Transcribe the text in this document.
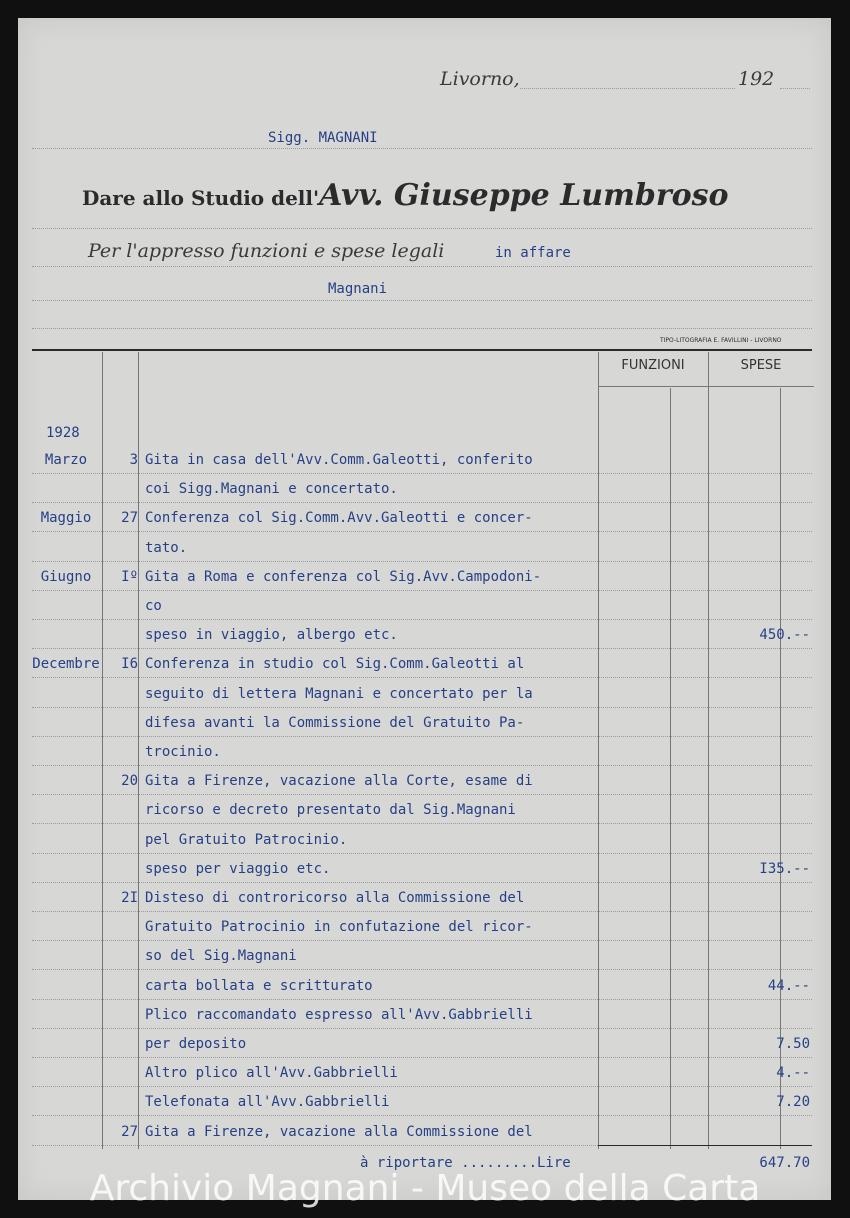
Livorno,	192
Sigg. MAGNANI
Dare allo Studio dell'Avv. Giuseppe Lumbroso
Per l'appresso funzioni e spese legali	in affare
Magnani
TIPO-LITOGRAFIA E. FAVILLINI - LIVORNO
FUNZIONI	SPESE
1928
Marzo	3 Gita in casa dell'Avv.Comm.Galeotti, conferito
coi Sigg.Magnani e concertato.
Maggio	27 Conferenza col Sig.Comm.Avv.Galeotti e concer-
tato.
Giugno	Iº Gita a Roma e conferenza col Sig.Avv.Campodoni-
co
speso in viaggio, albergo etc.	450.--
Decembre	I6 Conferenza in studio col Sig.Comm.Galeotti al
seguito di lettera Magnani e concertato per la
difesa avanti la Commissione del Gratuito Pa-
trocinio.
20 Gita a Firenze, vacazione alla Corte, esame di
ricorso e decreto presentato dal Sig.Magnani
pel Gratuito Patrocinio.
speso per viaggio etc.	I35.--
2I Disteso di controricorso alla Commissione del
Gratuito Patrocinio in confutazione del ricor-
so del Sig.Magnani
carta bollata e scritturato	44.--
Plico raccomandato espresso all'Avv.Gabbrielli
per deposito	7.50
Altro plico all'Avv.Gabbrielli	4.--
Telefonata all'Avv.Gabbrielli	7.20
27 Gita a Firenze, vacazione alla Commissione del
à riportare .........Lire	647.70
Archivio Magnani - Museo della Carta
